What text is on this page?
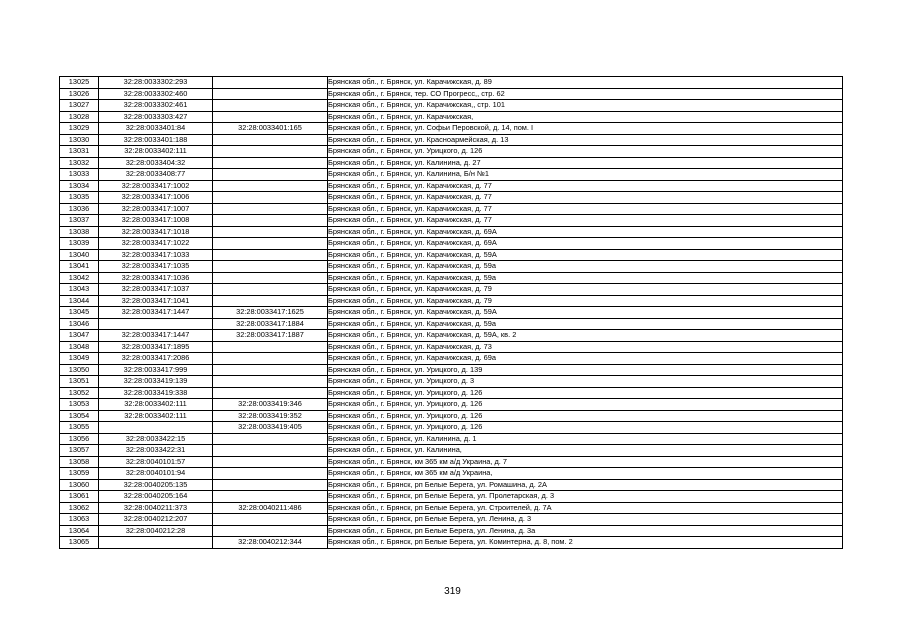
13025	32:28:0033302:293		Брянская обл., г. Брянск, ул. Карачижская, д. 89
13026	32:28:0033302:460		Брянская обл., г. Брянск, тер. СО Прогресс,, стр. 62
13027	32:28:0033302:461		Брянская обл., г. Брянск, ул. Карачижская,, стр. 101
13028	32:28:0033303:427		Брянская обл., г. Брянск, ул. Карачижская,
13029	32:28:0033401:84	32:28:0033401:165	Брянская обл., г. Брянск, ул. Софьи Перовской, д. 14, пом. I
13030	32:28:0033401:188		Брянская обл., г. Брянск, ул. Красноармейская, д. 13
13031	32:28:0033402:111		Брянская обл., г. Брянск, ул. Урицкого, д. 126
13032	32:28:0033404:32		Брянская обл., г. Брянск, ул. Калинина, д. 27
13033	32:28:0033408:77		Брянская обл., г. Брянск, ул. Калинина, Б/н №1
13034	32:28:0033417:1002		Брянская обл., г. Брянск, ул. Карачижская, д. 77
13035	32:28:0033417:1006		Брянская обл., г. Брянск, ул. Карачижская, д. 77
13036	32:28:0033417:1007		Брянская обл., г. Брянск, ул. Карачижская, д. 77
13037	32:28:0033417:1008		Брянская обл., г. Брянск, ул. Карачижская, д. 77
13038	32:28:0033417:1018		Брянская обл., г. Брянск, ул. Карачижская, д. 69А
13039	32:28:0033417:1022		Брянская обл., г. Брянск, ул. Карачижская, д. 69А
13040	32:28:0033417:1033		Брянская обл., г. Брянск, ул. Карачижская, д. 59А
13041	32:28:0033417:1035		Брянская обл., г. Брянск, ул. Карачижская, д. 59а
13042	32:28:0033417:1036		Брянская обл., г. Брянск, ул. Карачижская, д. 59а
13043	32:28:0033417:1037		Брянская обл., г. Брянск, ул. Карачижская, д. 79
13044	32:28:0033417:1041		Брянская обл., г. Брянск, ул. Карачижская, д. 79
13045	32:28:0033417:1447	32:28:0033417:1625	Брянская обл., г. Брянск, ул. Карачижская, д. 59А
13046		32:28:0033417:1884	Брянская обл., г. Брянск, ул. Карачижская, д. 59а
13047	32:28:0033417:1447	32:28:0033417:1887	Брянская обл., г. Брянск, ул. Карачижская, д. 59А, кв. 2
13048	32:28:0033417:1895		Брянская обл., г. Брянск, ул. Карачижская, д. 73
13049	32:28:0033417:2086		Брянская обл., г. Брянск, ул. Карачижская, д. 69а
13050	32:28:0033417:999		Брянская обл., г. Брянск, ул. Урицкого, д. 139
13051	32:28:0033419:139		Брянская обл., г. Брянск, ул. Урицкого, д. 3
13052	32:28:0033419:338		Брянская обл., г. Брянск, ул. Урицкого, д. 126
13053	32:28:0033402:111	32:28:0033419:346	Брянская обл., г. Брянск, ул. Урицкого, д. 126
13054	32:28:0033402:111	32:28:0033419:352	Брянская обл., г. Брянск, ул. Урицкого, д. 126
13055		32:28:0033419:405	Брянская обл., г. Брянск, ул. Урицкого, д. 126
13056	32:28:0033422:15		Брянская обл., г. Брянск, ул. Калинина, д. 1
13057	32:28:0033422:31		Брянская обл., г. Брянск, ул. Калинина,
13058	32:28:0040101:57		Брянская обл., г. Брянск, км 365 км а/д Украина, д. 7
13059	32:28:0040101:94		Брянская обл., г. Брянск, км 365 км а/д Украина,
13060	32:28:0040205:135		Брянская обл., г. Брянск, рп Белые Берега, ул. Ромашина, д. 2А
13061	32:28:0040205:164		Брянская обл., г. Брянск, рп Белые Берега, ул. Пролетарская, д. 3
13062	32:28:0040211:373	32:28:0040211:486	Брянская обл., г. Брянск, рп Белые Берега, ул. Строителей, д. 7А
13063	32:28:0040212:207		Брянская обл., г. Брянск, рп Белые Берега, ул. Ленина, д. 3
13064	32:28:0040212:28		Брянская обл., г. Брянск, рп Белые Берега, ул. Ленина, д. 3а
13065		32:28:0040212:344	Брянская обл., г. Брянск, рп Белые Берега, ул. Коминтерна, д. 8, пом. 2
319
